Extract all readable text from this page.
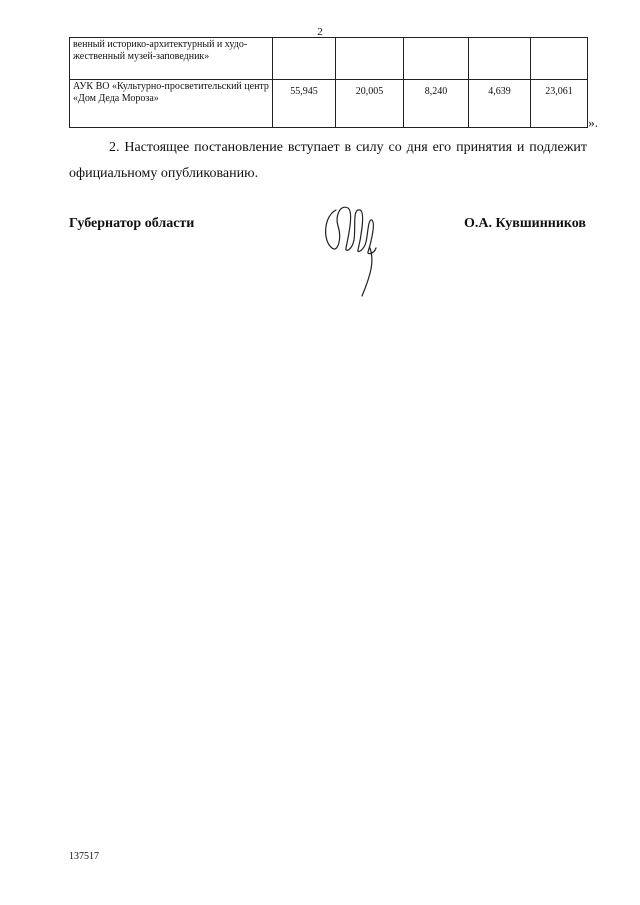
2
венный историко-архитектурный и худо-жественный музей-заповедник»					
АУК ВО «Культурно-просветительский центр «Дом Деда Мороза»	55,945	20,005	8,240	4,639	23,061
».
2. Настоящее постановление вступает в силу со дня его принятия и подлежит официальному опубликованию.
Губернатор области	О.А. Кувшинников
137517
